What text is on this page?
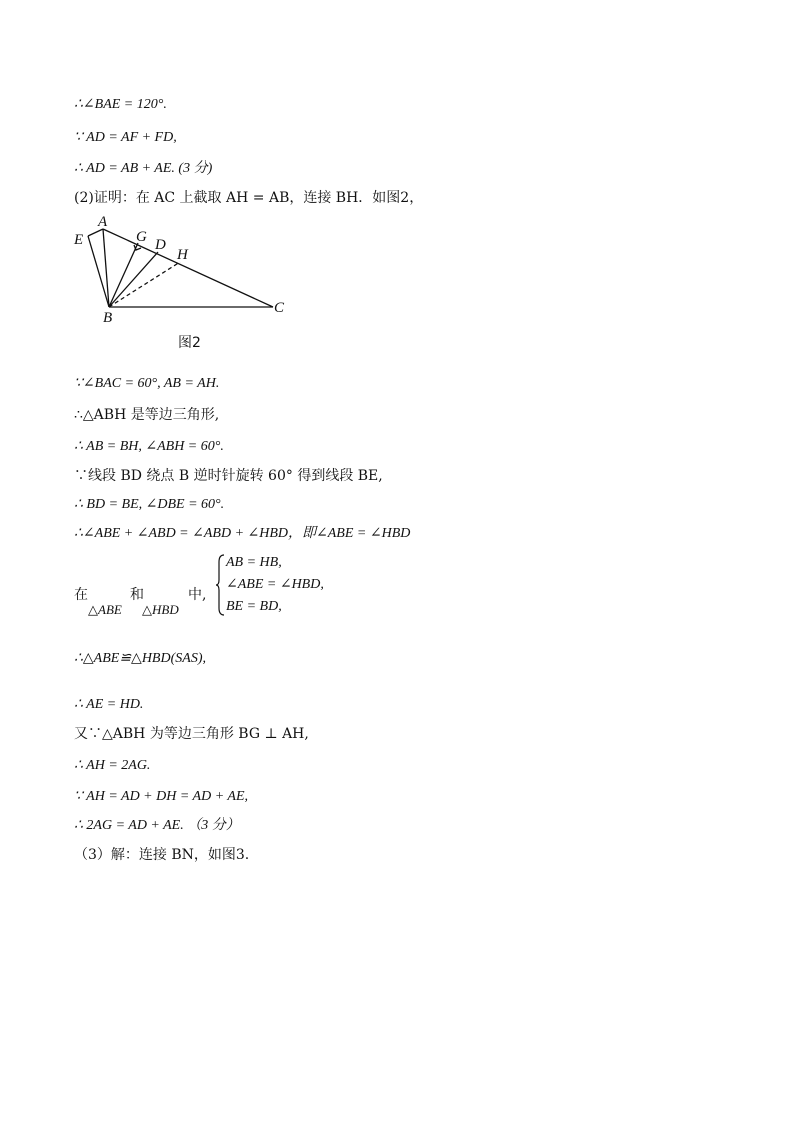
∴∠BAE = 120°.
∵ AD = AF + FD,
∴ AD = AB + AE. (3 分)
(2)证明：在 AC 上截取 AH = AB，连接 BH．如图2，
A
E	G D
H
B
C
图2
∵∠BAC = 60°, AB = AH.
∴△ABH 是等边三角形,
∴ AB = BH, ∠ABH = 60°.
∵线段 BD 绕点 B 逆时针旋转 60° 得到线段 BE,
∴ BD = BE, ∠DBE = 60°.
∴∠ABE + ∠ABD = ∠ABD + ∠HBD，即∠ABE = ∠HBD
在	和	中,
△ABE △HBD
AB = HB,
∠ABE = ∠HBD,
BE = BD,
∴△ABE≌△HBD(SAS),
∴ AE = HD.
又∵△ABH 为等边三角形 BG ⊥ AH,
∴ AH = 2AG.
∵ AH = AD + DH = AD + AE,
∴ 2AG = AD + AE. （3 分）
（3）解：连接 BN，如图3.
